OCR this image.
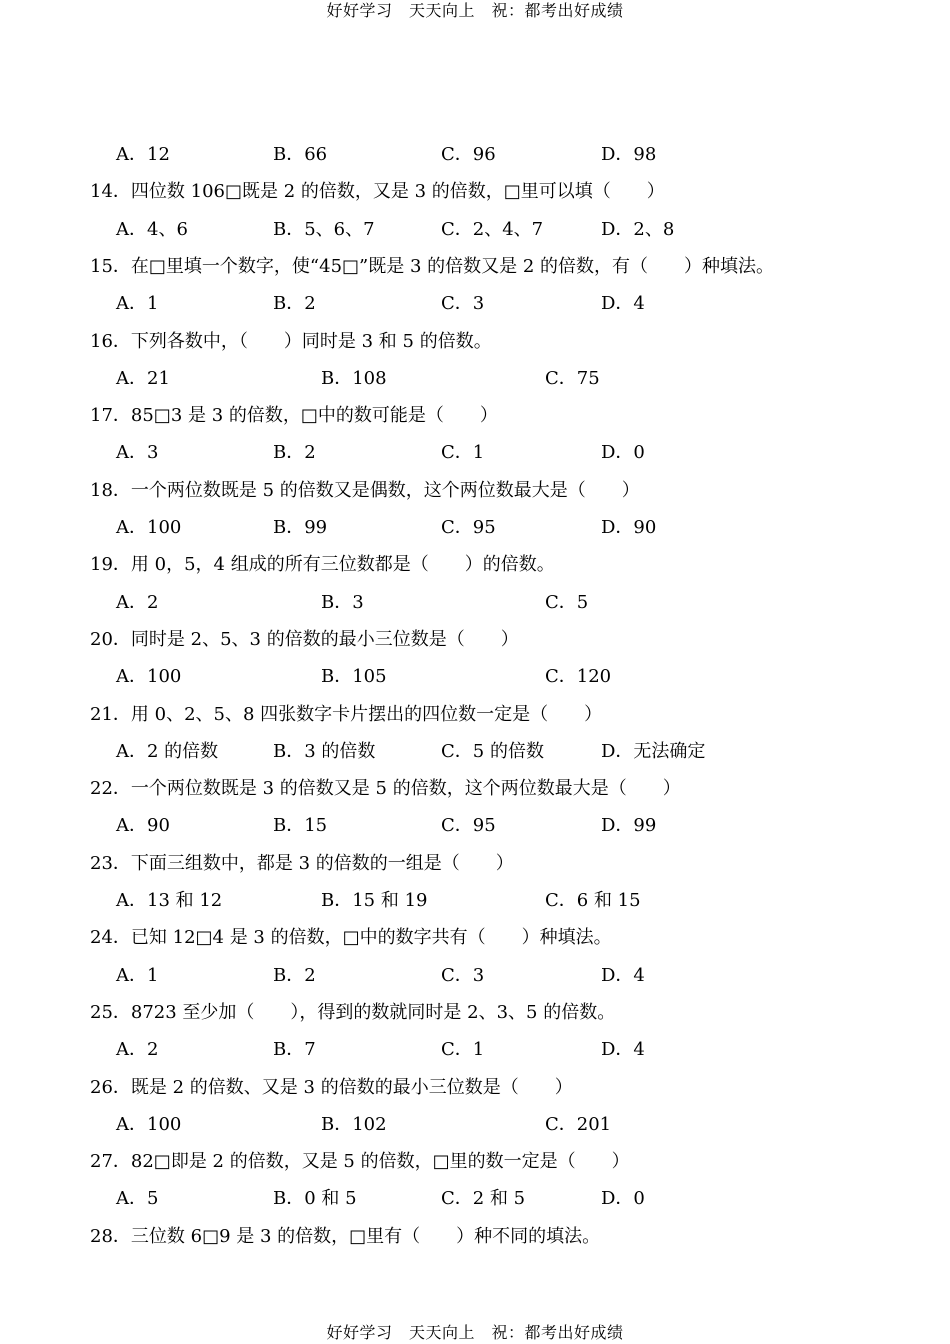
好好学习　天天向上　祝：都考出好成绩
A．12	B．66	C．96	D．98
14．四位数 106□既是 2 的倍数，又是 3 的倍数，□里可以填（　　）
A．4、6	B．5、6、7	C．2、4、7	D．2、8
15．在□里填一个数字，使“45□”既是 3 的倍数又是 2 的倍数，有（　　）种填法。
A．1	B．2	C．3	D．4
16．下列各数中，（　　）同时是 3 和 5 的倍数。
A．21	B．108	C．75
17．85□3 是 3 的倍数，□中的数可能是（　　）
A．3	B．2	C．1	D．0
18．一个两位数既是 5 的倍数又是偶数，这个两位数最大是（　　）
A．100	B．99	C．95	D．90
19．用 0，5，4 组成的所有三位数都是（　　）的倍数。
A．2	B．3	C．5
20．同时是 2、5、3 的倍数的最小三位数是（　　）
A．100	B．105	C．120
21．用 0、2、5、8 四张数字卡片摆出的四位数一定是（　　）
A．2 的倍数	B．3 的倍数	C．5 的倍数	D．无法确定
22．一个两位数既是 3 的倍数又是 5 的倍数，这个两位数最大是（　　）
A．90	B．15	C．95	D．99
23．下面三组数中，都是 3 的倍数的一组是（　　）
A．13 和 12	B．15 和 19	C．6 和 15
24．已知 12□4 是 3 的倍数，□中的数字共有（　　）种填法。
A．1	B．2	C．3	D．4
25．8723 至少加（　　），得到的数就同时是 2、3、5 的倍数。
A．2	B．7	C．1	D．4
26．既是 2 的倍数、又是 3 的倍数的最小三位数是（　　）
A．100	B．102	C．201
27．82□即是 2 的倍数，又是 5 的倍数，□里的数一定是（　　）
A．5	B．0 和 5	C．2 和 5	D．0
28．三位数 6□9 是 3 的倍数，□里有（　　）种不同的填法。
好好学习　天天向上　祝：都考出好成绩
